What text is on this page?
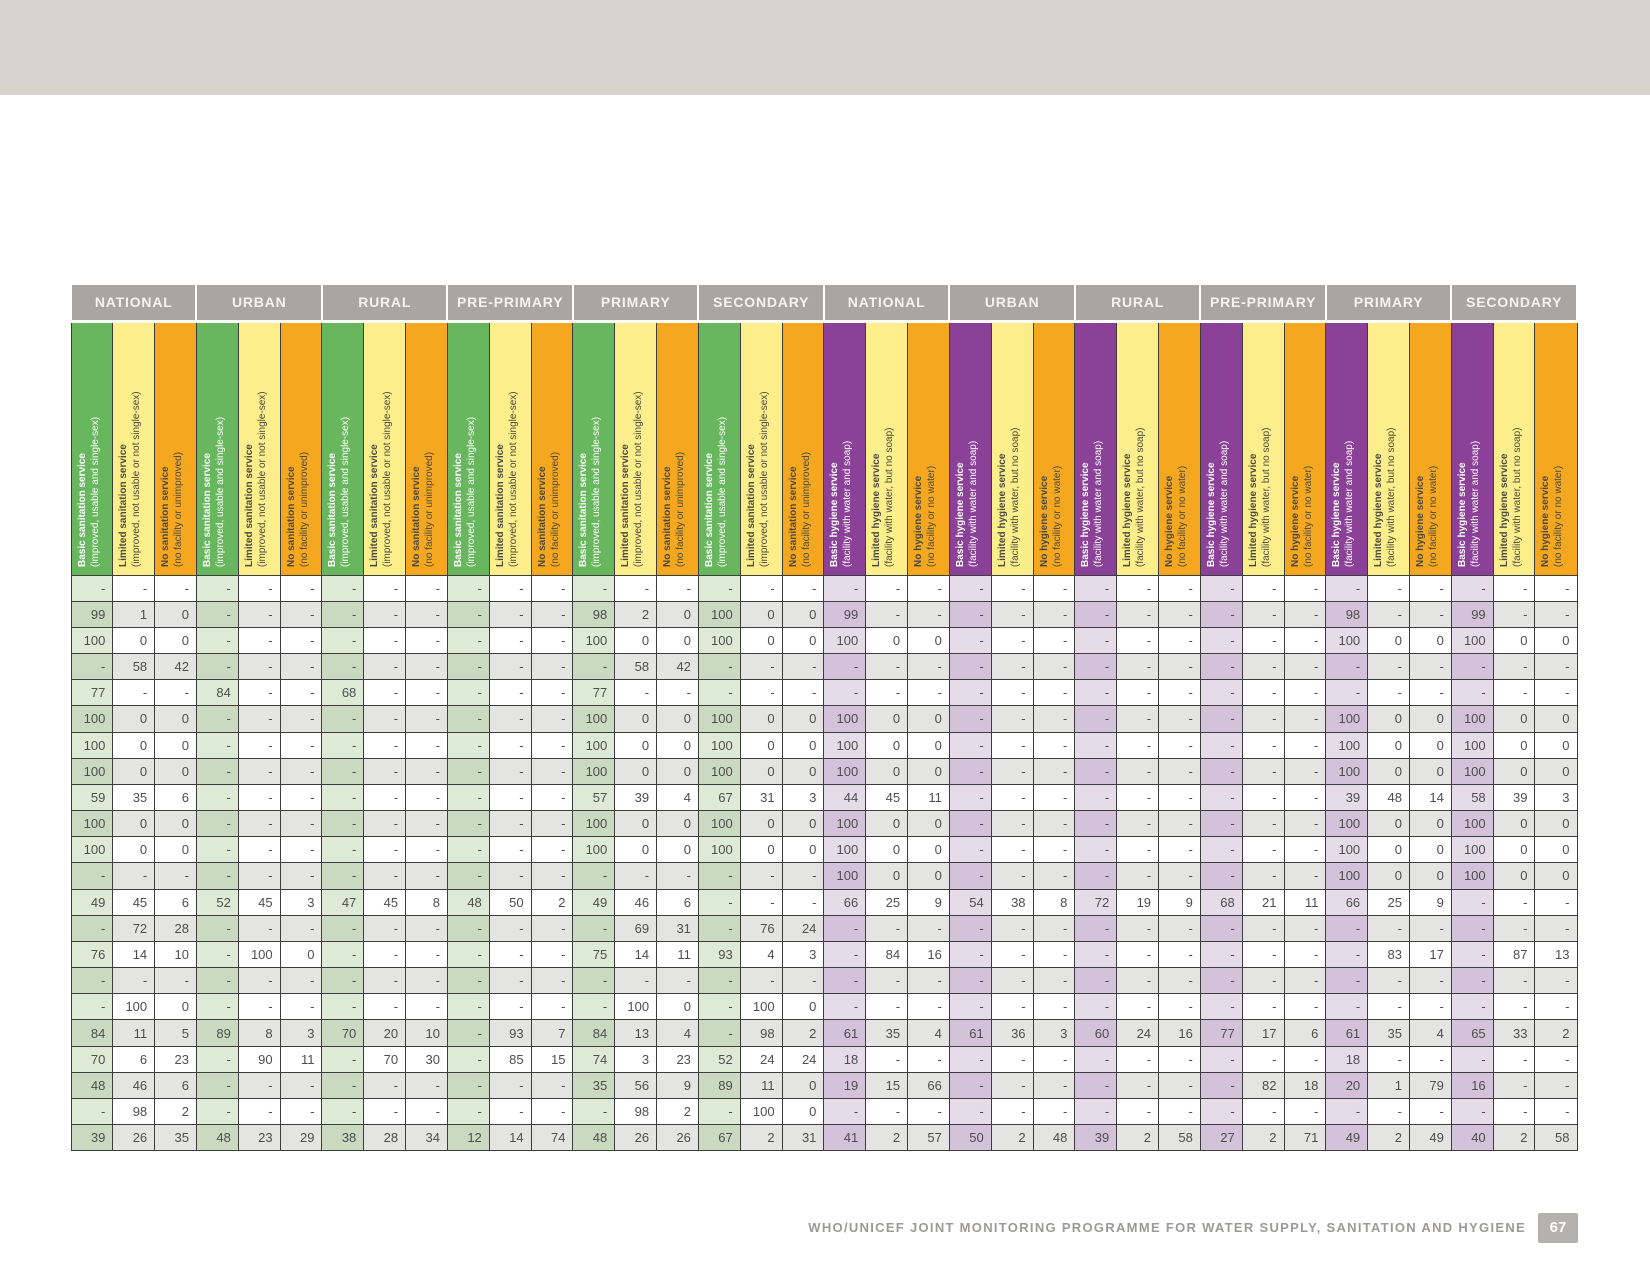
NATIONAL			URBAN			RURAL			PRE-PRIMARY			PRIMARY			SECONDARY			NATIONAL			URBAN			RURAL			PRE-PRIMARY			PRIMARY			SECONDARY		

Basic sanitation service (improved, usable and single-sex)	Limited sanitation service (improved, not usable or not single-sex)	No sanitation service (no facility or unimproved)	Basic sanitation service (improved, usable and single-sex)	Limited sanitation service (improved, not usable or not single-sex)	No sanitation service (no facility or unimproved)	Basic sanitation service (improved, usable and single-sex)	Limited sanitation service (improved, not usable or not single-sex)	No sanitation service (no facility or unimproved)	Basic sanitation service (improved, usable and single-sex)	Limited sanitation service (improved, not usable or not single-sex)	No sanitation service (no facility or unimproved)	Basic sanitation service (improved, usable and single-sex)	Limited sanitation service (improved, not usable or not single-sex)	No sanitation service (no facility or unimproved)	Basic sanitation service (improved, usable and single-sex)	Limited sanitation service (improved, not usable or not single-sex)	No sanitation service (no facility or unimproved)	Basic hygiene service (facility with water and soap)	Limited hygiene service (facility with water, but no soap)	No hygiene service (no facility or no water)	Basic hygiene service (facility with water and soap)	Limited hygiene service (facility with water, but no soap)	No hygiene service (no facility or no water)	Basic hygiene service (facility with water and soap)	Limited hygiene service (facility with water, but no soap)	No hygiene service (no facility or no water)	Basic hygiene service (facility with water and soap)	Limited hygiene service (facility with water, but no soap)	No hygiene service (no facility or no water)	Basic hygiene service (facility with water and soap)	Limited hygiene service (facility with water, but no soap)	No hygiene service (no facility or no water)	Basic hygiene service (facility with water and soap)	Limited hygiene service (facility with water, but no soap)	No hygiene service (no facility or no water)

-	-	-	-	-	-	-	-	-	-	-	-	-	-	-	-	-	-	-	-	-	-	-	-	-	-	-	-	-	-	-	-	-	-	-	-
99	1	0	-	-	-	-	-	-	-	-	-	98	2	0	100	0	0	99	-	-	-	-	-	-	-	-	-	-	-	98	-	-	99	-	-
100	0	0	-	-	-	-	-	-	-	-	-	100	0	0	100	0	0	100	0	0	-	-	-	-	-	-	-	-	-	100	0	0	100	0	0
-	58	42	-	-	-	-	-	-	-	-	-	-	58	42	-	-	-	-	-	-	-	-	-	-	-	-	-	-	-	-	-	-	-	-	-
77	-	-	84	-	-	68	-	-	-	-	-	77	-	-	-	-	-	-	-	-	-	-	-	-	-	-	-	-	-	-	-	-	-	-	-
100	0	0	-	-	-	-	-	-	-	-	-	100	0	0	100	0	0	100	0	0	-	-	-	-	-	-	-	-	-	100	0	0	100	0	0
100	0	0	-	-	-	-	-	-	-	-	-	100	0	0	100	0	0	100	0	0	-	-	-	-	-	-	-	-	-	100	0	0	100	0	0
100	0	0	-	-	-	-	-	-	-	-	-	100	0	0	100	0	0	100	0	0	-	-	-	-	-	-	-	-	-	100	0	0	100	0	0
59	35	6	-	-	-	-	-	-	-	-	-	57	39	4	67	31	3	44	45	11	-	-	-	-	-	-	-	-	-	39	48	14	58	39	3
100	0	0	-	-	-	-	-	-	-	-	-	100	0	0	100	0	0	100	0	0	-	-	-	-	-	-	-	-	-	100	0	0	100	0	0
100	0	0	-	-	-	-	-	-	-	-	-	100	0	0	100	0	0	100	0	0	-	-	-	-	-	-	-	-	-	100	0	0	100	0	0
-	-	-	-	-	-	-	-	-	-	-	-	-	-	-	-	-	-	100	0	0	-	-	-	-	-	-	-	-	-	100	0	0	100	0	0
49	45	6	52	45	3	47	45	8	48	50	2	49	46	6	-	-	-	66	25	9	54	38	8	72	19	9	68	21	11	66	25	9	-	-	-
-	72	28	-	-	-	-	-	-	-	-	-	-	69	31	-	76	24	-	-	-	-	-	-	-	-	-	-	-	-	-	-	-	-	-	-
76	14	10	-	100	0	-	-	-	-	-	-	75	14	11	93	4	3	-	84	16	-	-	-	-	-	-	-	-	-	-	83	17	-	87	13
-	-	-	-	-	-	-	-	-	-	-	-	-	-	-	-	-	-	-	-	-	-	-	-	-	-	-	-	-	-	-	-	-	-	-	-
-	100	0	-	-	-	-	-	-	-	-	-	-	100	0	-	100	0	-	-	-	-	-	-	-	-	-	-	-	-	-	-	-	-	-	-
84	11	5	89	8	3	70	20	10	-	93	7	84	13	4	-	98	2	61	35	4	61	36	3	60	24	16	77	17	6	61	35	4	65	33	2
70	6	23	-	90	11	-	70	30	-	85	15	74	3	23	52	24	24	18	-	-	-	-	-	-	-	-	-	-	-	18	-	-	-	-	-
48	46	6	-	-	-	-	-	-	-	-	-	35	56	9	89	11	0	19	15	66	-	-	-	-	-	-	-	82	18	20	1	79	16	-	-
-	98	2	-	-	-	-	-	-	-	-	-	-	98	2	-	100	0	-	-	-	-	-	-	-	-	-	-	-	-	-	-	-	-	-	-
39	26	35	48	23	29	38	28	34	12	14	74	48	26	26	67	2	31	41	2	57	50	2	48	39	2	58	27	2	71	49	2	49	40	2	58
WHO/UNICEF JOINT MONITORING PROGRAMME FOR WATER SUPPLY, SANITATION AND HYGIENE	67
